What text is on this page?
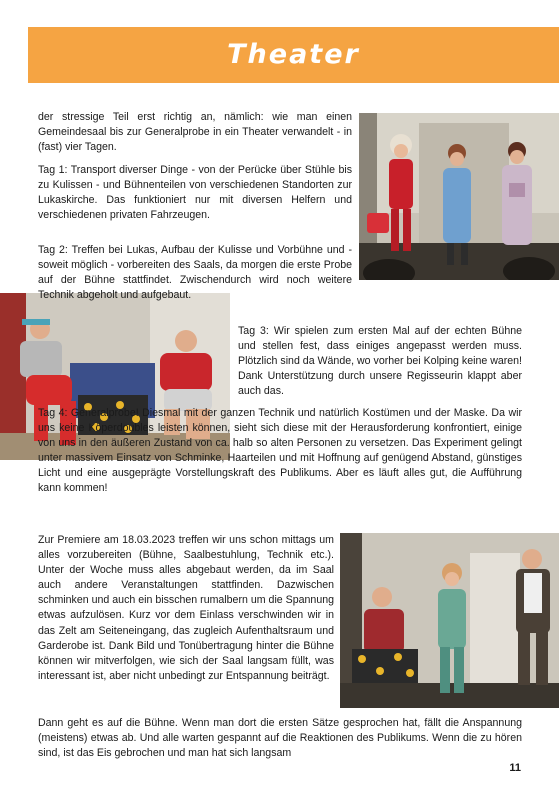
Theater

der stressige Teil erst richtig an, nämlich: wie man einen Gemeindesaal bis zur Generalprobe in ein Theater verwandelt - in (fast) vier Tagen.

Tag 1: Transport diverser Dinge - von der Perücke über Stühle bis zu Kulissen - und Bühnenteilen von verschiedenen Standorten zur Lukaskirche. Das funktioniert nur mit diversen Helfern und verschiedenen privaten Fahrzeugen.

Tag 2: Treffen bei Lukas, Aufbau der Kulisse und Vorbühne und - soweit möglich - vorbereiten des Saals, da morgen die erste Probe auf der Bühne stattfindet. Zwischendurch wird noch weitere Technik abgeholt und aufgebaut.

Tag 3: Wir spielen zum ersten Mal auf der echten Bühne und stellen fest, dass einiges angepasst werden muss. Plötzlich sind da Wände, wo vorher bei Kolping keine waren! Dank Unterstützung durch unsere Regisseurin klappt aber auch das.

Tag 4: Generalprobe! Diesmal mit der ganzen Technik und natürlich Kostümen und der Maske. Da wir uns keine Köperdoubles leisten können, sieht sich diese mit der Herausforderung konfrontiert, einige von uns in den äußeren Zustand von ca. halb so alten Personen zu versetzen. Das Experiment gelingt unter massivem Einsatz von Schminke, Haarteilen und mit Hoffnung auf genügend Abstand, günstiges Licht und eine ausgeprägte Vorstellungskraft des Publikums. Aber es läuft alles gut, die Aufführung kann kommen!

Zur Premiere am 18.03.2023 treffen wir uns schon mittags um alles vorzubereiten (Bühne, Saalbestuhlung, Technik etc.). Unter der Woche muss alles abgebaut werden, da im Saal auch andere Veranstaltungen stattfinden. Dazwischen schminken und auch ein bisschen rumalbern um die Spannung etwas aufzulösen. Kurz vor dem Einlass verschwinden wir in das Zelt am Seiteneingang, das zugleich Aufenthaltsraum und Garderobe ist. Dank Bild und Tonübertragung hinter die Bühne können wir mitverfolgen, wie sich der Saal langsam füllt, was interessant ist, aber nicht unbedingt zur Entspannung beiträgt.

Dann geht es auf die Bühne. Wenn man dort die ersten Sätze gesprochen hat, fällt die Anspannung (meistens) etwas ab. Und alle warten gespannt auf die Reaktionen des Publikums. Wenn die zu hören sind, ist das Eis gebrochen und man hat sich langsam

11
